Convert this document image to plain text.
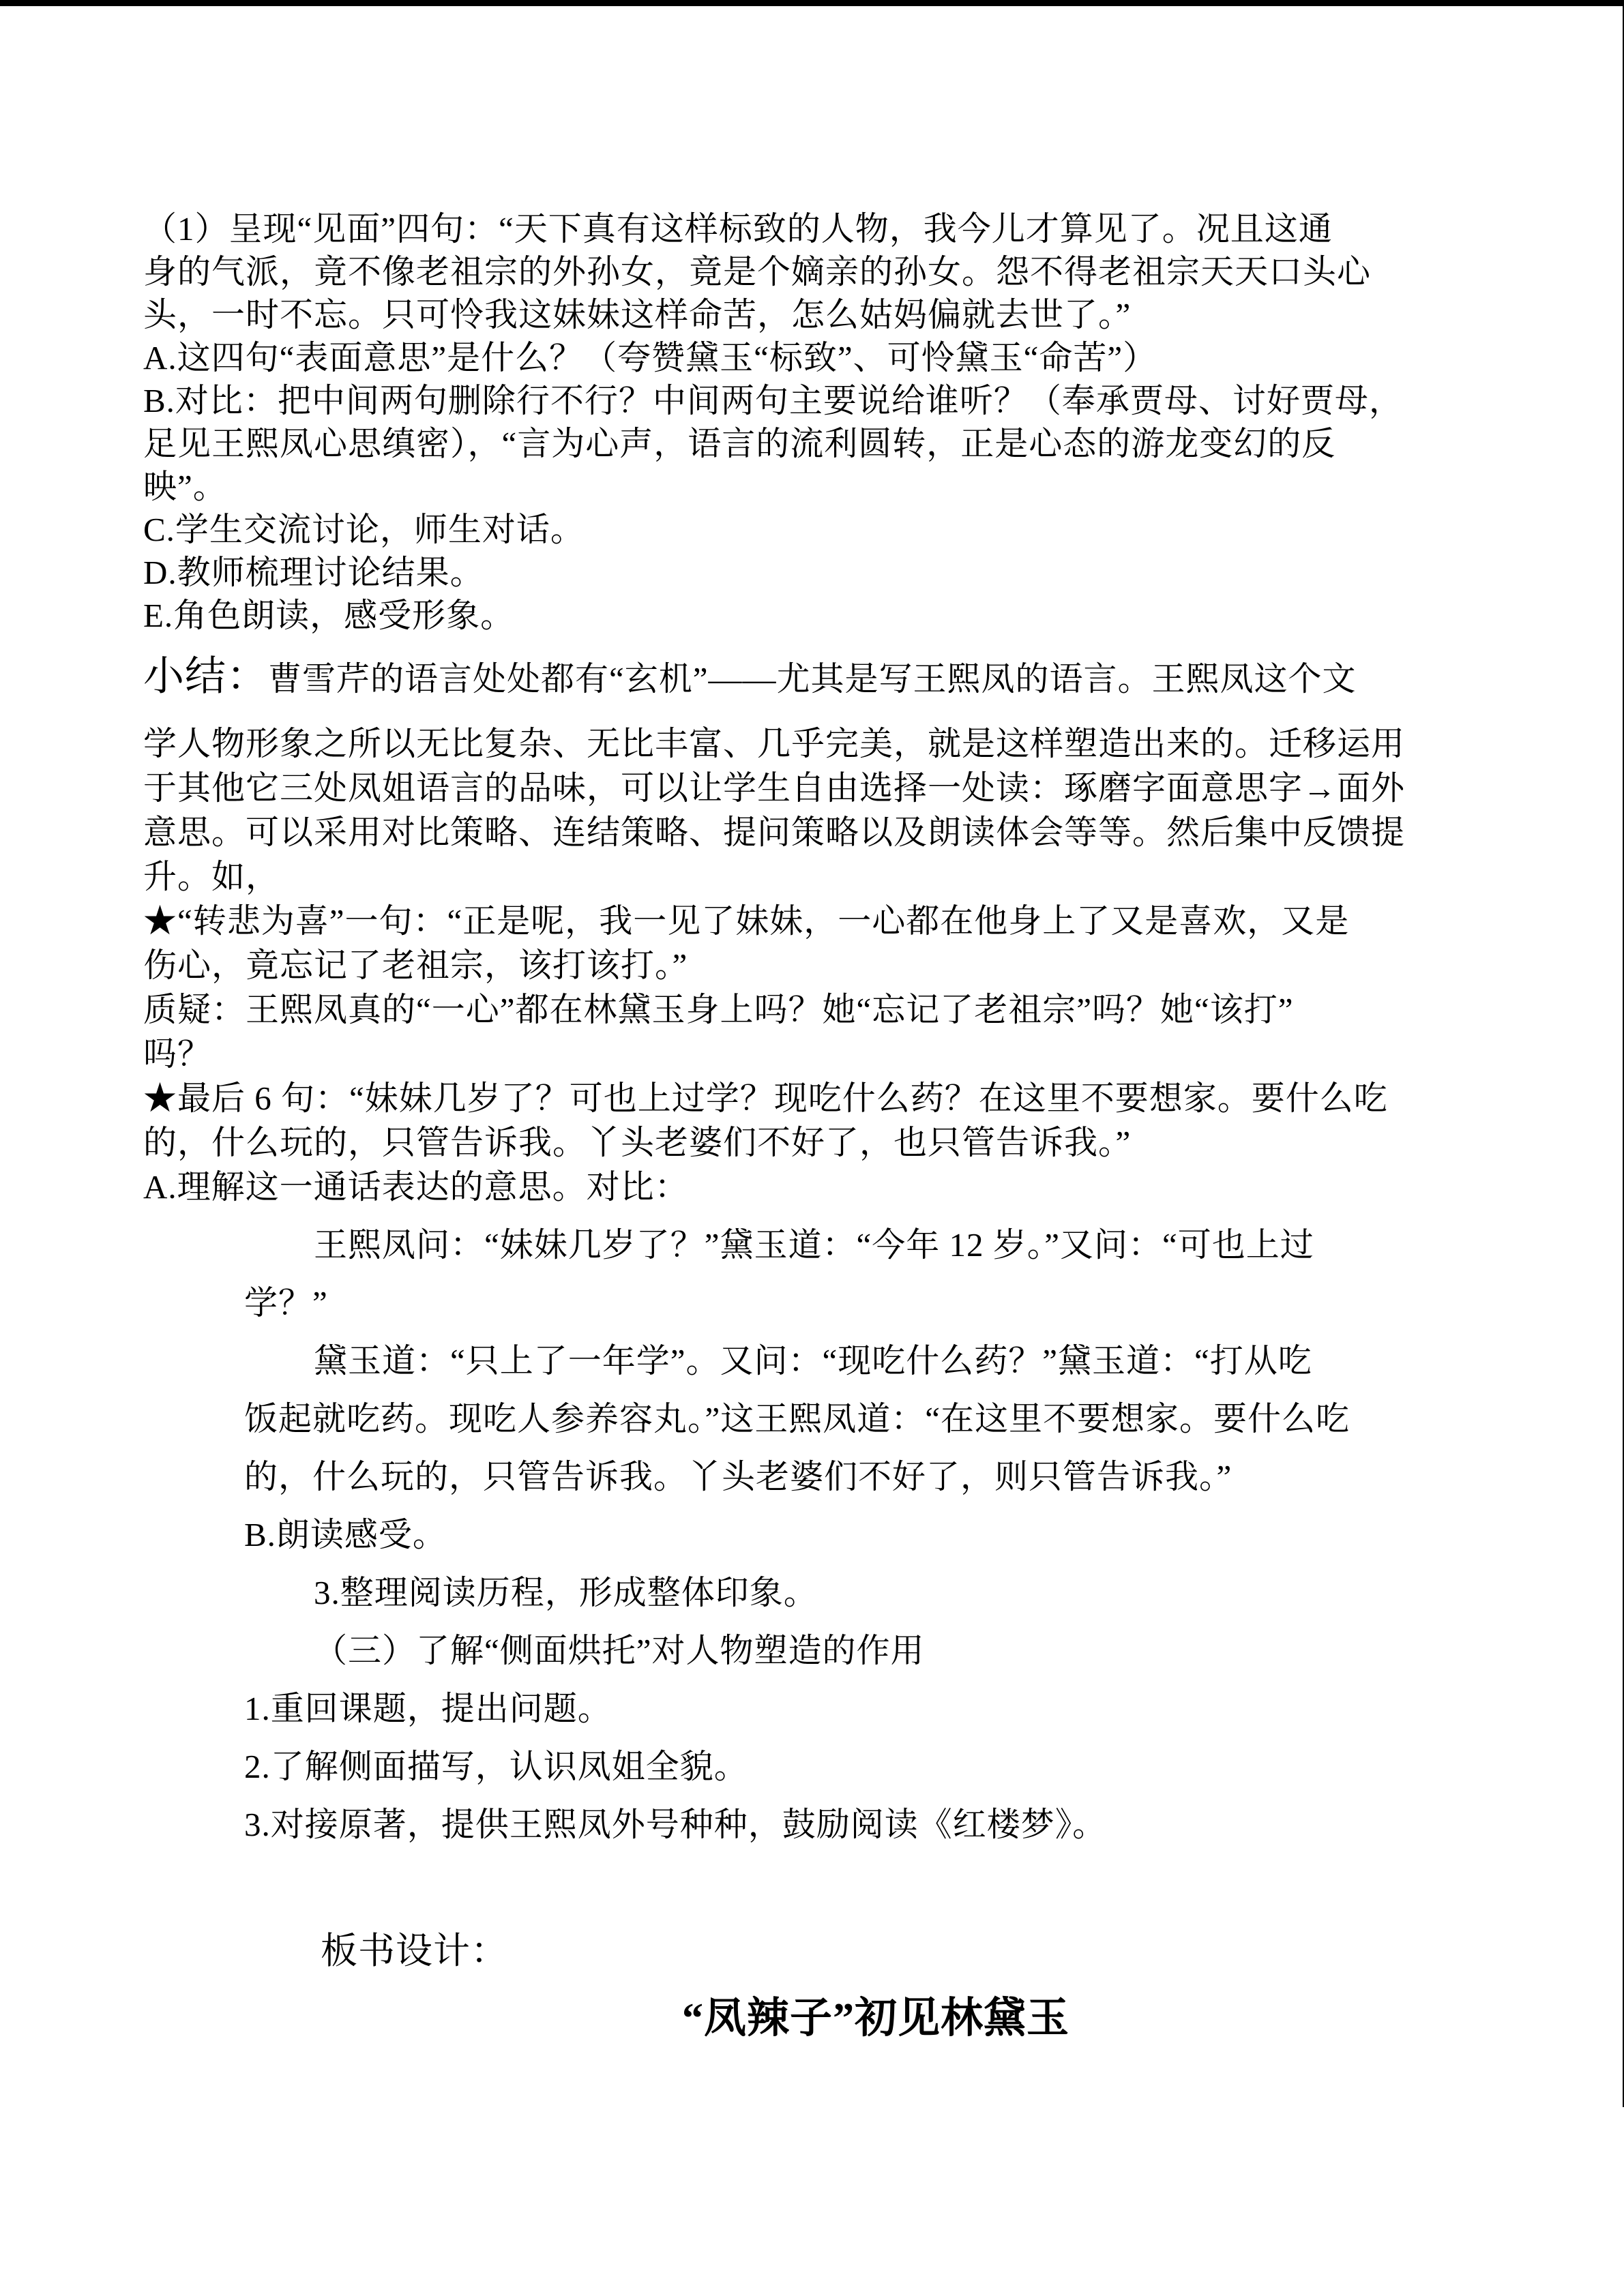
（1）呈现“见面”四句：“天下真有这样标致的人物，我今儿才算见了。况且这通
身的气派，竟不像老祖宗的外孙女，竟是个嫡亲的孙女。怨不得老祖宗天天口头心
头，一时不忘。只可怜我这妹妹这样命苦，怎么姑妈偏就去世了。”
A.这四句“表面意思”是什么？（夸赞黛玉“标致”、可怜黛玉“命苦”）
B.对比：把中间两句删除行不行？中间两句主要说给谁听？（奉承贾母、讨好贾母，
足见王熙凤心思缜密），“言为心声，语言的流利圆转，正是心态的游龙变幻的反
映”。
C.学生交流讨论，师生对话。
D.教师梳理讨论结果。
E.角色朗读，感受形象。
小结：曹雪芹的语言处处都有“玄机”——尤其是写王熙凤的语言。王熙凤这个文
学人物形象之所以无比复杂、无比丰富、几乎完美，就是这样塑造出来的。迁移运用
于其他它三处凤姐语言的品味，可以让学生自由选择一处读：琢磨字面意思字→面外
意思。可以采用对比策略、连结策略、提问策略以及朗读体会等等。然后集中反馈提
升。如，
★“转悲为喜”一句：“正是呢，我一见了妹妹，一心都在他身上了又是喜欢，又是
伤心，竟忘记了老祖宗，该打该打。”
质疑：王熙凤真的“一心”都在林黛玉身上吗？她“忘记了老祖宗”吗？她“该打”
吗？
★最后 6 句：“妹妹几岁了？可也上过学？现吃什么药？在这里不要想家。要什么吃
的，什么玩的，只管告诉我。丫头老婆们不好了，也只管告诉我。”
A.理解这一通话表达的意思。对比：
王熙凤问：“妹妹几岁了？”黛玉道：“今年 12 岁。”又问：“可也上过
学？”
黛玉道：“只上了一年学”。又问：“现吃什么药？”黛玉道：“打从吃
饭起就吃药。现吃人参养容丸。”这王熙凤道：“在这里不要想家。要什么吃
的，什么玩的，只管告诉我。丫头老婆们不好了，则只管告诉我。”
B.朗读感受。
3.整理阅读历程，形成整体印象。
（三）了解“侧面烘托”对人物塑造的作用
1.重回课题，提出问题。
2.了解侧面描写，认识凤姐全貌。
3.对接原著，提供王熙凤外号种种，鼓励阅读《红楼梦》。
板书设计：
“凤辣子”初见林黛玉
